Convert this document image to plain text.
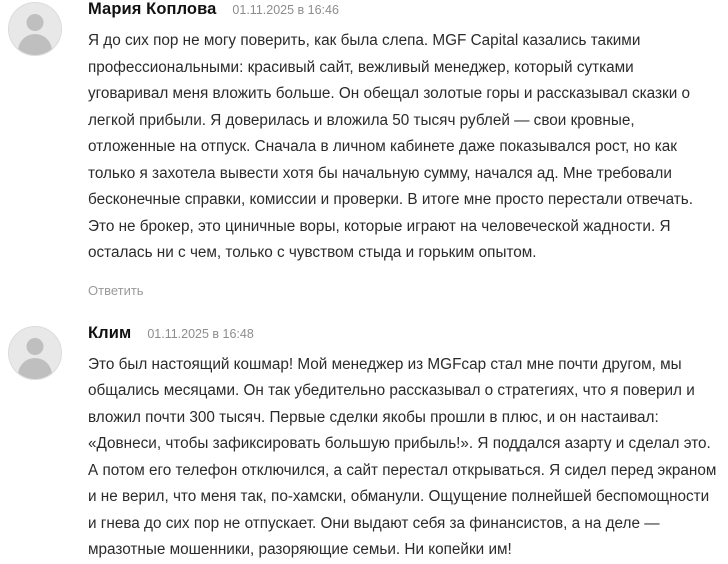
Мария Коплова 01.11.2025 в 16:46

Я до сих пор не могу поверить, как была слепа. MGF Capital казались такими профессиональными: красивый сайт, вежливый менеджер, который сутками уговаривал меня вложить больше. Он обещал золотые горы и рассказывал сказки о легкой прибыли. Я доверилась и вложила 50 тысяч рублей — свои кровные, отложенные на отпуск. Сначала в личном кабинете даже показывался рост, но как только я захотела вывести хотя бы начальную сумму, начался ад. Мне требовали бесконечные справки, комиссии и проверки. В итоге мне просто перестали отвечать. Это не брокер, это циничные воры, которые играют на человеческой жадности. Я осталась ни с чем, только с чувством стыда и горьким опытом.

Ответить
Клим 01.11.2025 в 16:48

Это был настоящий кошмар! Мой менеджер из MGFcap стал мне почти другом, мы общались месяцами. Он так убедительно рассказывал о стратегиях, что я поверил и вложил почти 300 тысяч. Первые сделки якобы прошли в плюс, и он настаивал: «Довнеси, чтобы зафиксировать большую прибыль!». Я поддался азарту и сделал это. А потом его телефон отключился, а сайт перестал открываться. Я сидел перед экраном и не верил, что меня так, по-хамски, обманули. Ощущение полнейшей беспомощности и гнева до сих пор не отпускает. Они выдают себя за финансистов, а на деле — мразотные мошенники, разоряющие семьи. Ни копейки им!
